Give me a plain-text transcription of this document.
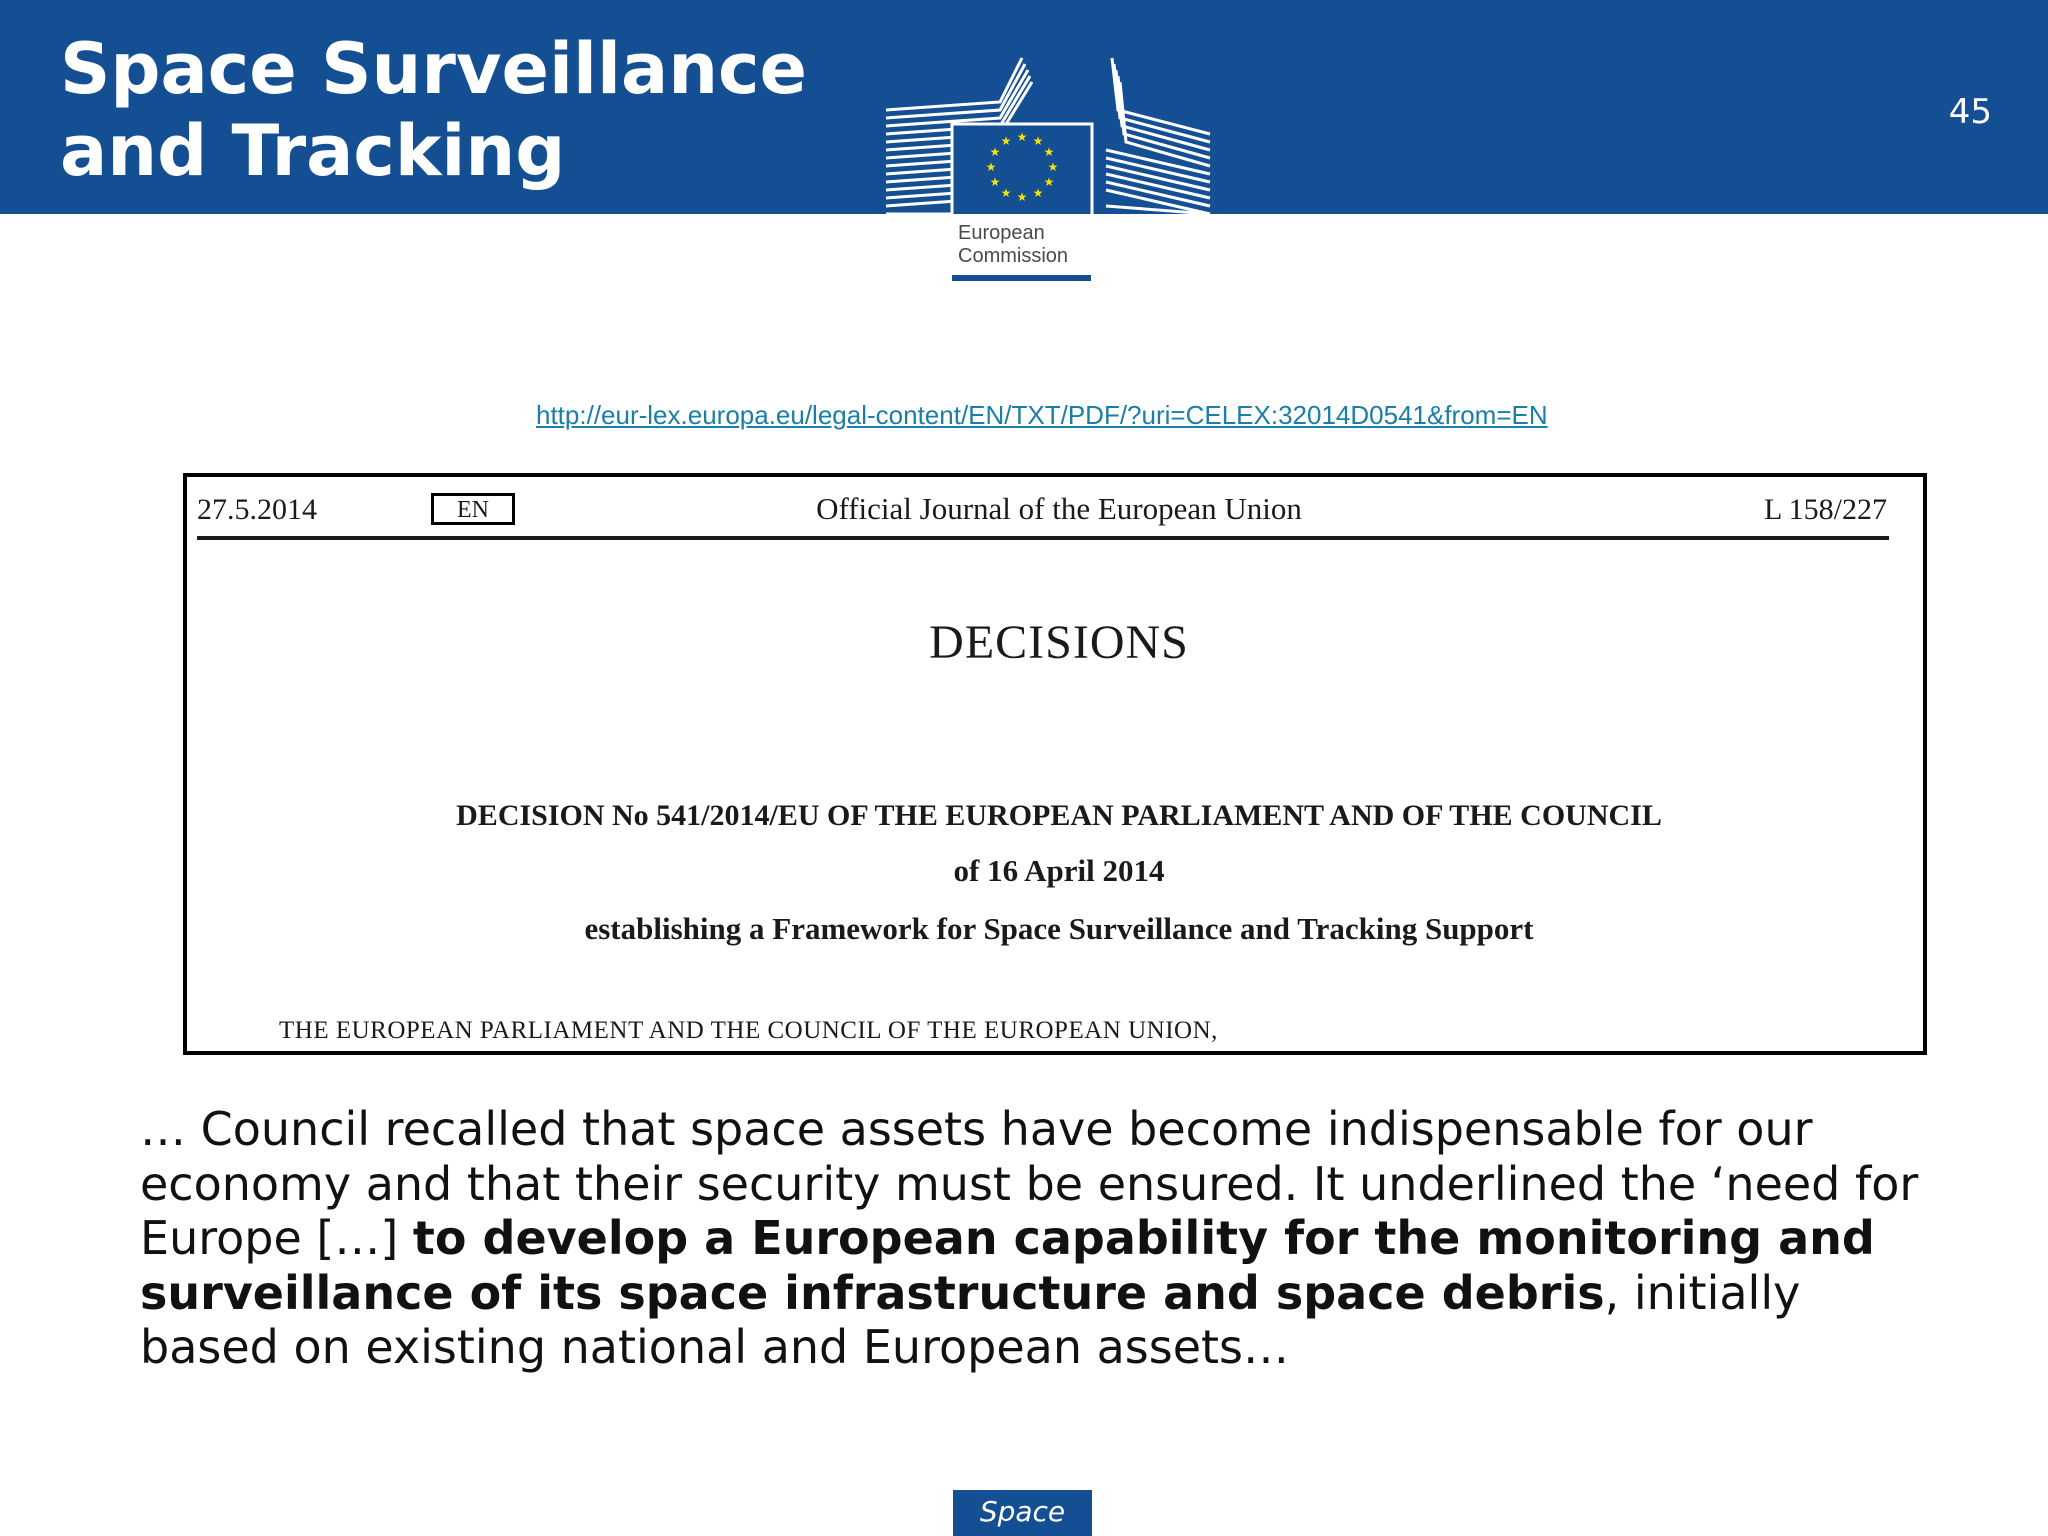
Space Surveillance
and Tracking	45
★ ★
★
★
★
★
★
★
★
★
★
★
European
Commission
http://eur-lex.europa.eu/legal-content/EN/TXT/PDF/?uri=CELEX:32014D0541&from=EN
27.5.2014	EN	Official Journal of the European Union	L 158/227
DECISIONS
DECISION No 541/2014/EU OF THE EUROPEAN PARLIAMENT AND OF THE COUNCIL
of 16 April 2014
establishing a Framework for Space Surveillance and Tracking Support
THE EUROPEAN PARLIAMENT AND THE COUNCIL OF THE EUROPEAN UNION,

… Council recalled that space assets have become indispensable for our economy and that their security must be ensured. It underlined the ‘need for Europe […] to develop a European capability for the monitoring and surveillance of its space infrastructure and space debris, initially based on existing national and European assets…

Space
